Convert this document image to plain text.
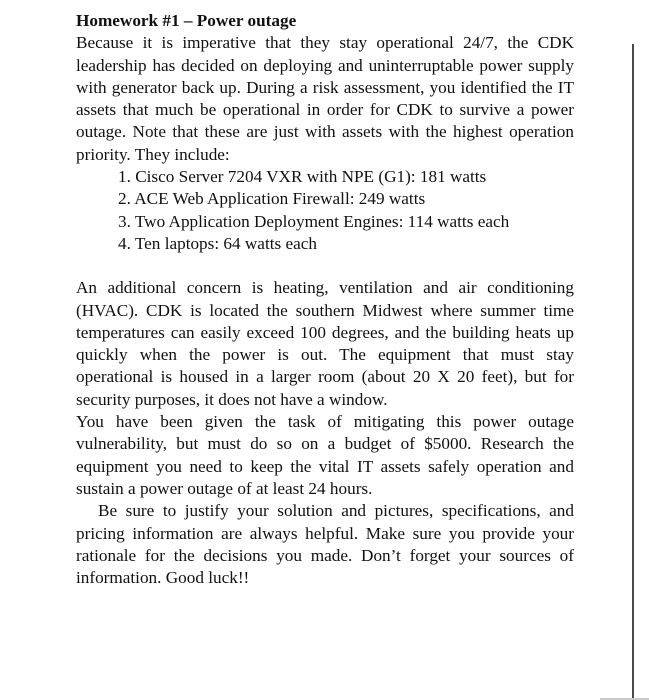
Homework #1 – Power outage
Because it is imperative that they stay operational 24/7, the CDK leadership has decided on deploying and uninterruptable power supply with generator back up. During a risk assessment, you identified the IT assets that much be operational in order for CDK to survive a power outage. Note that these are just with assets with the highest operation priority. They include:
1. Cisco Server 7204 VXR with NPE (G1): 181 watts
2. ACE Web Application Firewall: 249 watts
3. Two Application Deployment Engines: 114 watts each
4. Ten laptops: 64 watts each
An additional concern is heating, ventilation and air conditioning (HVAC). CDK is located the southern Midwest where summer time temperatures can easily exceed 100 degrees, and the building heats up quickly when the power is out. The equipment that must stay operational is housed in a larger room (about 20 X 20 feet), but for security purposes, it does not have a window.
You have been given the task of mitigating this power outage vulnerability, but must do so on a budget of $5000. Research the equipment you need to keep the vital IT assets safely operation and sustain a power outage of at least 24 hours.
Be sure to justify your solution and pictures, specifications, and pricing information are always helpful. Make sure you provide your rationale for the decisions you made. Don’t forget your sources of information. Good luck!!
